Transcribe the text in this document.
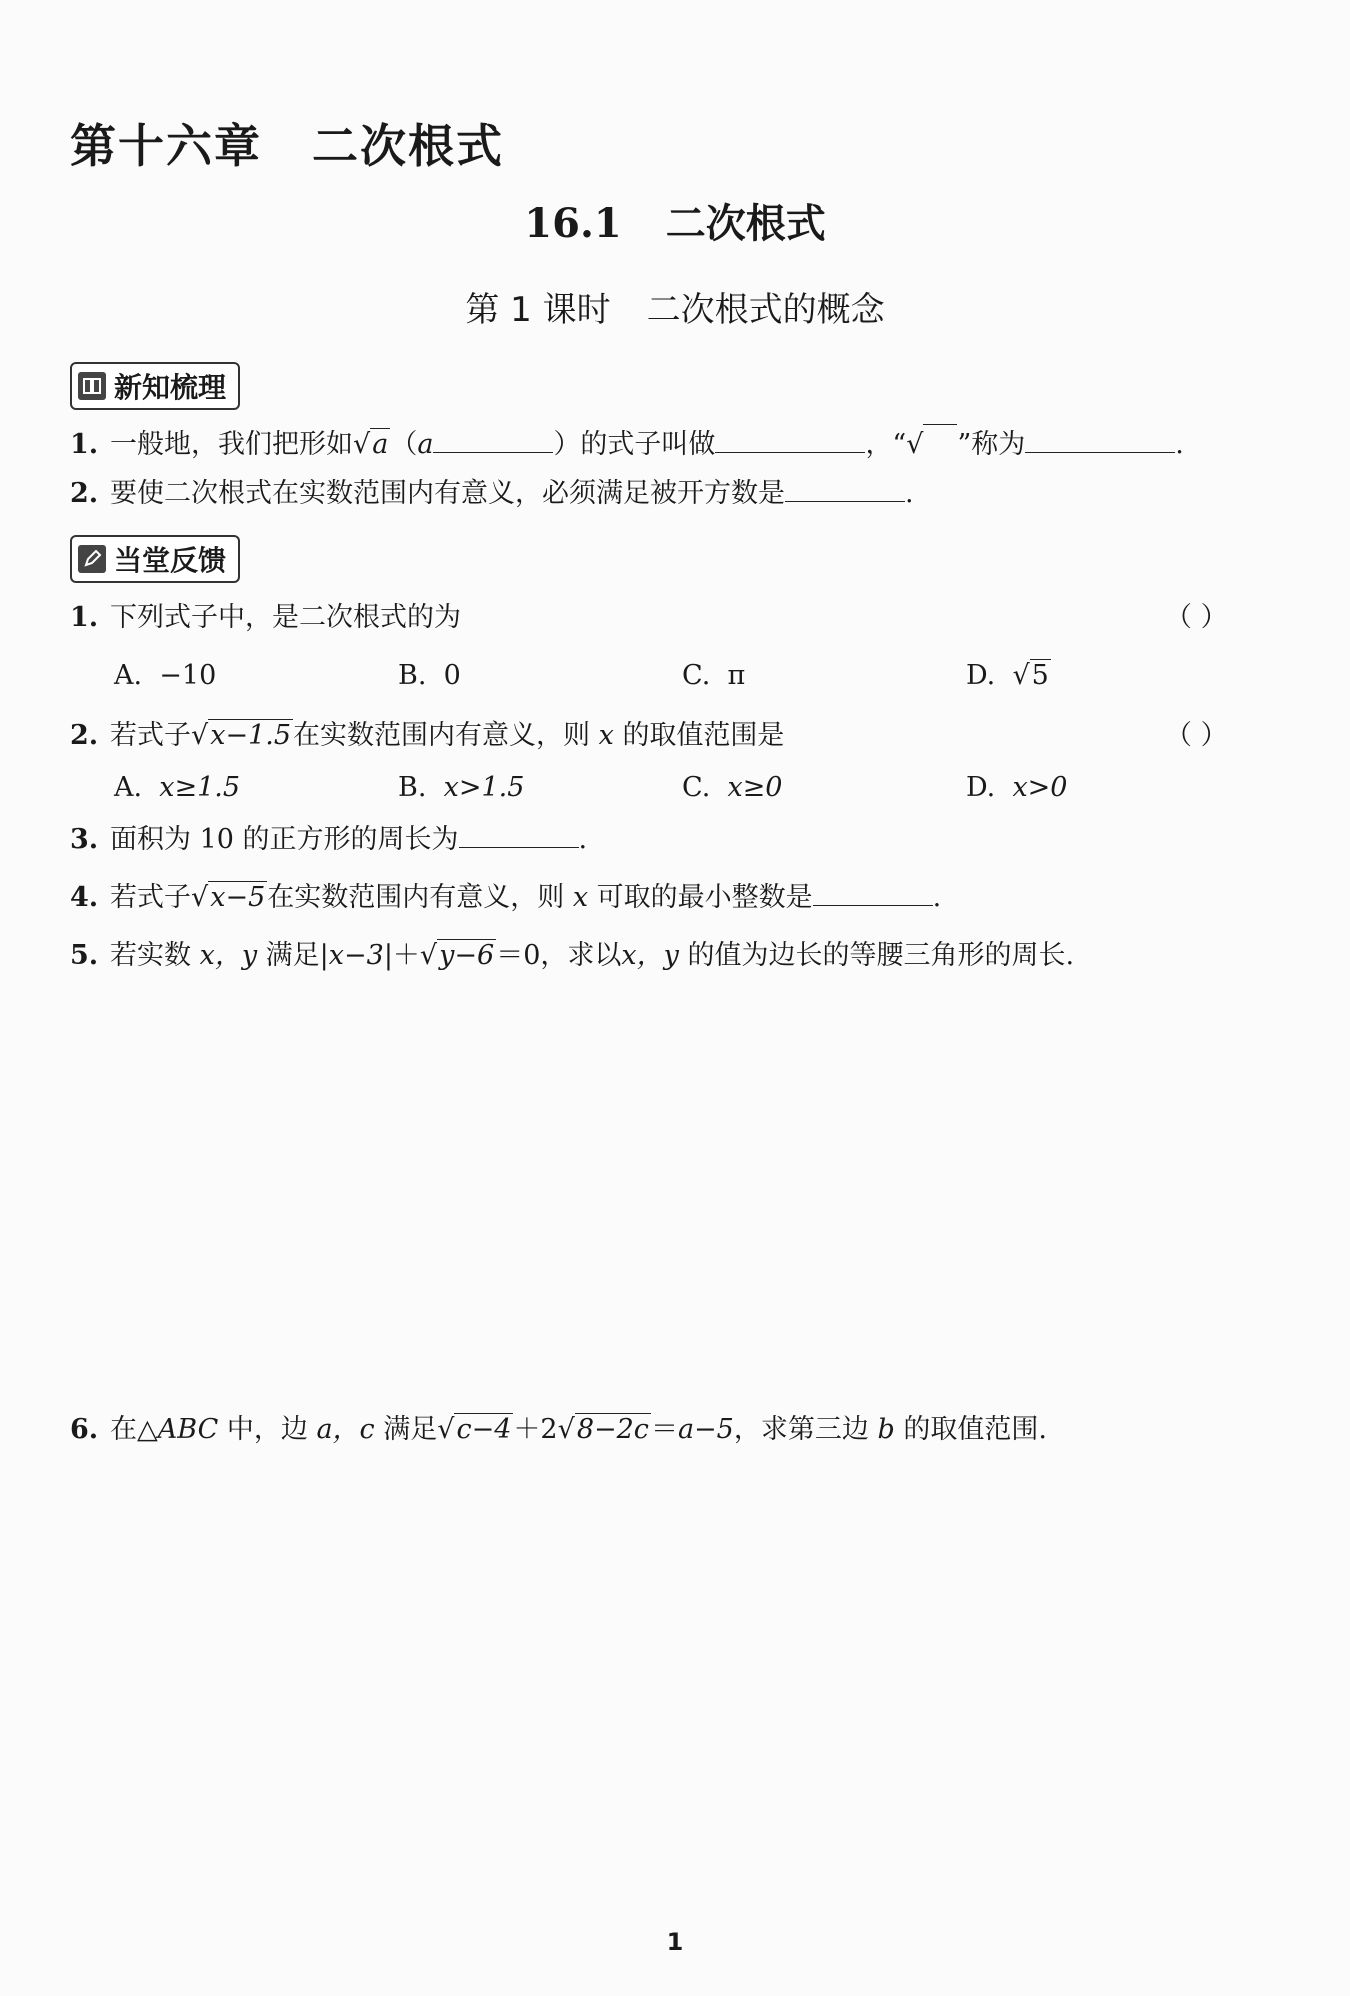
第十六章 二次根式
16.1 二次根式
第 1 课时 二次根式的概念
新知梳理
1. 一般地，我们把形如√a（a	）的式子叫做	，“√ ”称为	.
2. 要使二次根式在实数范围内有意义，必须满足被开方数是	.
当堂反馈
1. 下列式子中，是二次根式的为	（ ）
A. −10	B. 0	C. π	D. √5
2. 若式子√x−1.5在实数范围内有意义，则 x 的取值范围是	（ ）
A. x≥1.5	B. x>1.5	C. x≥0	D. x>0
3. 面积为 10 的正方形的周长为	.
4. 若式子√x−5在实数范围内有意义，则 x 可取的最小整数是	.
5. 若实数 x，y 满足|x−3|＋√y−6＝0，求以x，y 的值为边长的等腰三角形的周长.
6. 在△ABC 中，边 a，c 满足√c−4＋2√8−2c＝a−5，求第三边 b 的取值范围.
1
